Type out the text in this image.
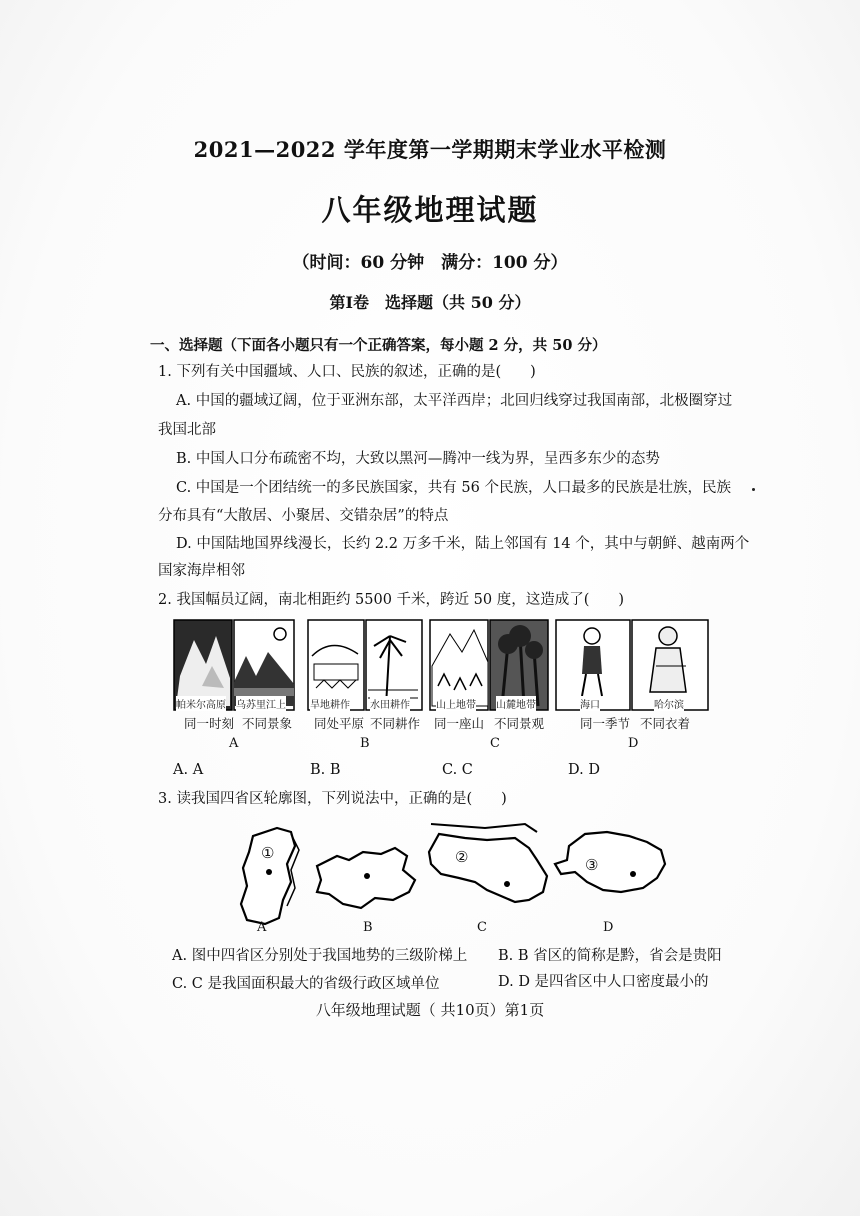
2021—2022 学年度第一学期期末学业水平检测
八年级地理试题
（时间：60 分钟　满分：100 分）
第Ⅰ卷　选择题（共 50 分）
一、选择题（下面各小题只有一个正确答案，每小题 2 分，共 50 分）
1. 下列有关中国疆域、人口、民族的叙述，正确的是(　　)
A. 中国的疆域辽阔，位于亚洲东部，太平洋西岸；北回归线穿过我国南部，北极圈穿过
我国北部
B. 中国人口分布疏密不均，大致以黑河—腾冲一线为界，呈西多东少的态势
C. 中国是一个团结统一的多民族国家，共有 56 个民族，人口最多的民族是壮族，民族
分布具有“大散居、小聚居、交错杂居”的特点
D. 中国陆地国界线漫长，长约 2.2 万多千米，陆上邻国有 14 个，其中与朝鲜、越南两个
国家海岸相邻
2. 我国幅员辽阔，南北相距约 5500 千米，跨近 50 度，这造成了(　　)
帕米尔高原 乌苏里江上 旱地耕作 水田耕作	山上地带 山麓地带	海口	哈尔滨
同一时刻 不同景象 同处平原 不同耕作 同一座山 不同景观	同一季节 不同衣着
A	B	C	D
A. A	B. B	C. C	D. D
3. 读我国四省区轮廓图，下列说法中，正确的是(　　)
①	②	③
A	B	C	D
A. 图中四省区分别处于我国地势的三级阶梯上 B. B 省区的简称是黔，省会是贵阳
C. C 是我国面积最大的省级行政区域单位	D. D 是四省区中人口密度最小的
八年级地理试题（ 共10页）第1页
